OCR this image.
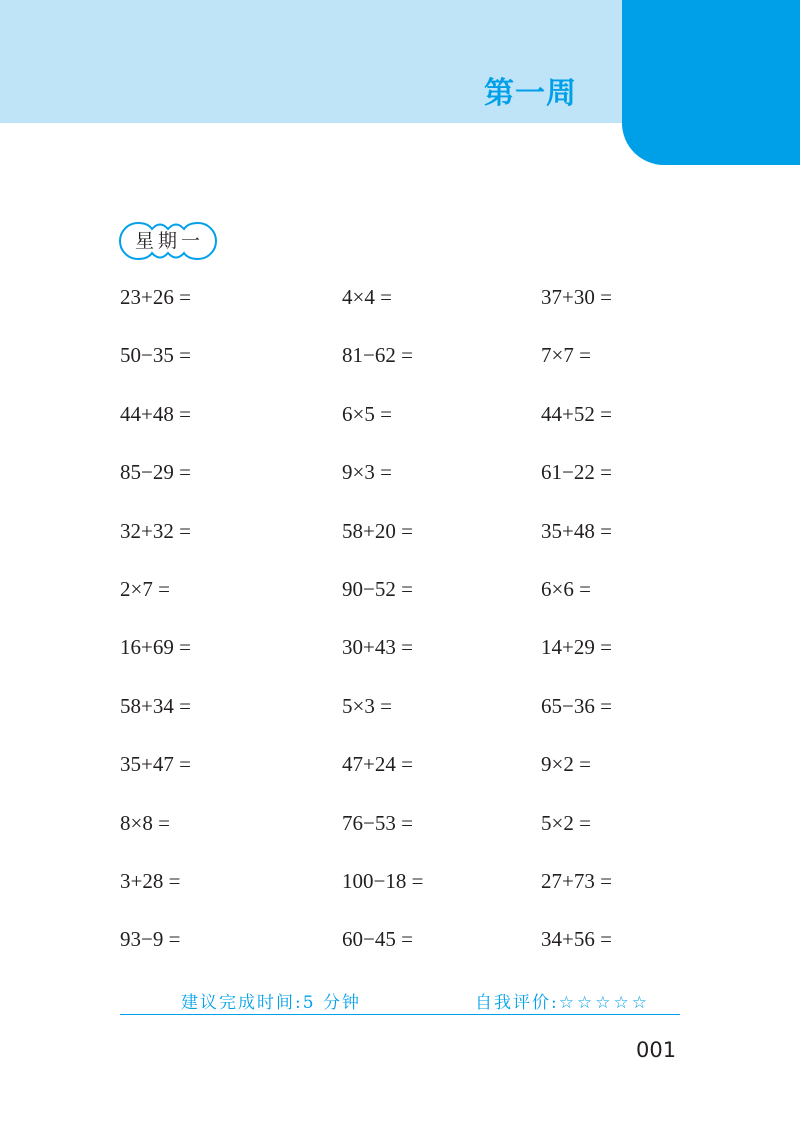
第一周
星期一
23+26 =	4×4 =	37+30 =
50−35 =	81−62 =	7×7 =
44+48 =	6×5 =	44+52 =
85−29 =	9×3 =	61−22 =
32+32 =	58+20 =	35+48 =
2×7 =	90−52 =	6×6 =
16+69 =	30+43 =	14+29 =
58+34 =	5×3 =	65−36 =
35+47 =	47+24 =	9×2 =
8×8 =	76−53 =	5×2 =
3+28 =	100−18 =	27+73 =
93−9 =	60−45 =	34+56 =
建议完成时间:5 分钟	自我评价:☆☆☆☆☆
001
